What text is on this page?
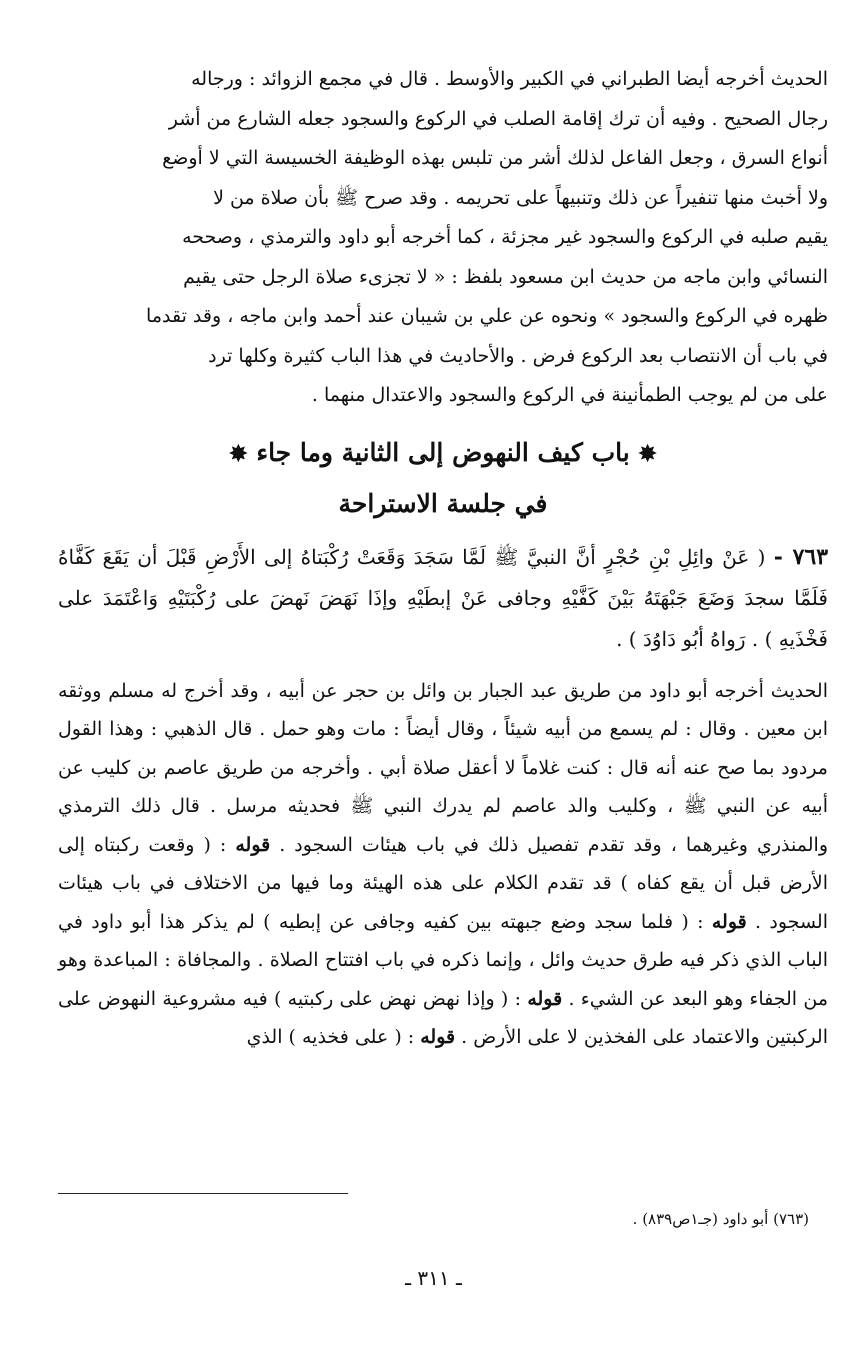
الحديث أخرجه أيضا الطبراني في الكبير والأوسط . قال في مجمع الزوائد : ورجاله

رجال الصحيح . وفيه أن ترك إقامة الصلب في الركوع والسجود جعله الشارع من أشر

أنواع السرق ، وجعل الفاعل لذلك أشر من تلبس بهذه الوظيفة الخسيسة التي لا أوضع

ولا أخبث منها تنفيراً عن ذلك وتنبيهاً على تحريمه . وقد صرح ﷺ بأن صلاة من لا

يقيم صلبه في الركوع والسجود غير مجزئة ، كما أخرجه أبو داود والترمذي ، وصححه

النسائي وابن ماجه من حديث ابن مسعود بلفظ : « لا تجزىء صلاة الرجل حتى يقيم

ظهره في الركوع والسجود » ونحوه عن علي بن شيبان عند أحمد وابن ماجه ، وقد تقدما

في باب أن الانتصاب بعد الركوع فرض . والأحاديث في هذا الباب كثيرة وكلها ترد

على من لم يوجب الطمأنينة في الركوع والسجود والاعتدال منهما .

✸ باب كيف النهوض إلى الثانية وما جاء ✸
في جلسة الاستراحة

٧٦٣ - ( عَنْ وائِلِ بْنِ حُجْرٍ أنَّ النبيَّ ﷺ لَمَّا سَجَدَ وَقَعَتْ رُكْبَتاهُ إلى الأَرْضِ قَبْلَ أن يَقَعَ كَفَّاهُ فَلَمَّا سجدَ وَضَعَ جَبْهَتَهُ بَيْنَ كَفَّيْهِ وجافى عَنْ إبطَيْهِ وإذَا نَهَضَ نَهضَ على رُكْبَتَيْهِ وَاعْتَمَدَ على فَخْذَيهِ ) . رَواهُ أبُو دَاوُدَ ) .

الحديث أخرجه أبو داود من طريق عبد الجبار بن وائل بن حجر عن أبيه ، وقد أخرج له مسلم ووثقه ابن معين . وقال : لم يسمع من أبيه شيئاً ، وقال أيضاً : مات وهو حمل . قال الذهبي : وهذا القول مردود بما صح عنه أنه قال : كنت غلاماً لا أعقل صلاة أبي . وأخرجه من طريق عاصم بن كليب عن أبيه عن النبي ﷺ ، وكليب والد عاصم لم يدرك النبي ﷺ فحديثه مرسل . قال ذلك الترمذي والمنذري وغيرهما ، وقد تقدم تفصيل ذلك في باب هيئات السجود . قوله : ( وقعت ركبتاه إلى الأرض قبل أن يقع كفاه ) قد تقدم الكلام على هذه الهيئة وما فيها من الاختلاف في باب هيئات السجود . قوله : ( فلما سجد وضع جبهته بين كفيه وجافى عن إبطيه ) لم يذكر هذا أبو داود في الباب الذي ذكر فيه طرق حديث وائل ، وإنما ذكره في باب افتتاح الصلاة . والمجافاة : المباعدة وهو من الجفاء وهو البعد عن الشيء . قوله : ( وإذا نهض نهض على ركبتيه ) فيه مشروعية النهوض على الركبتين والاعتماد على الفخذين لا على الأرض . قوله : ( على فخذيه ) الذي

(٧٦٣) أبو داود (جـ١ص٨٣٩) .
ـ ٣١١ ـ
